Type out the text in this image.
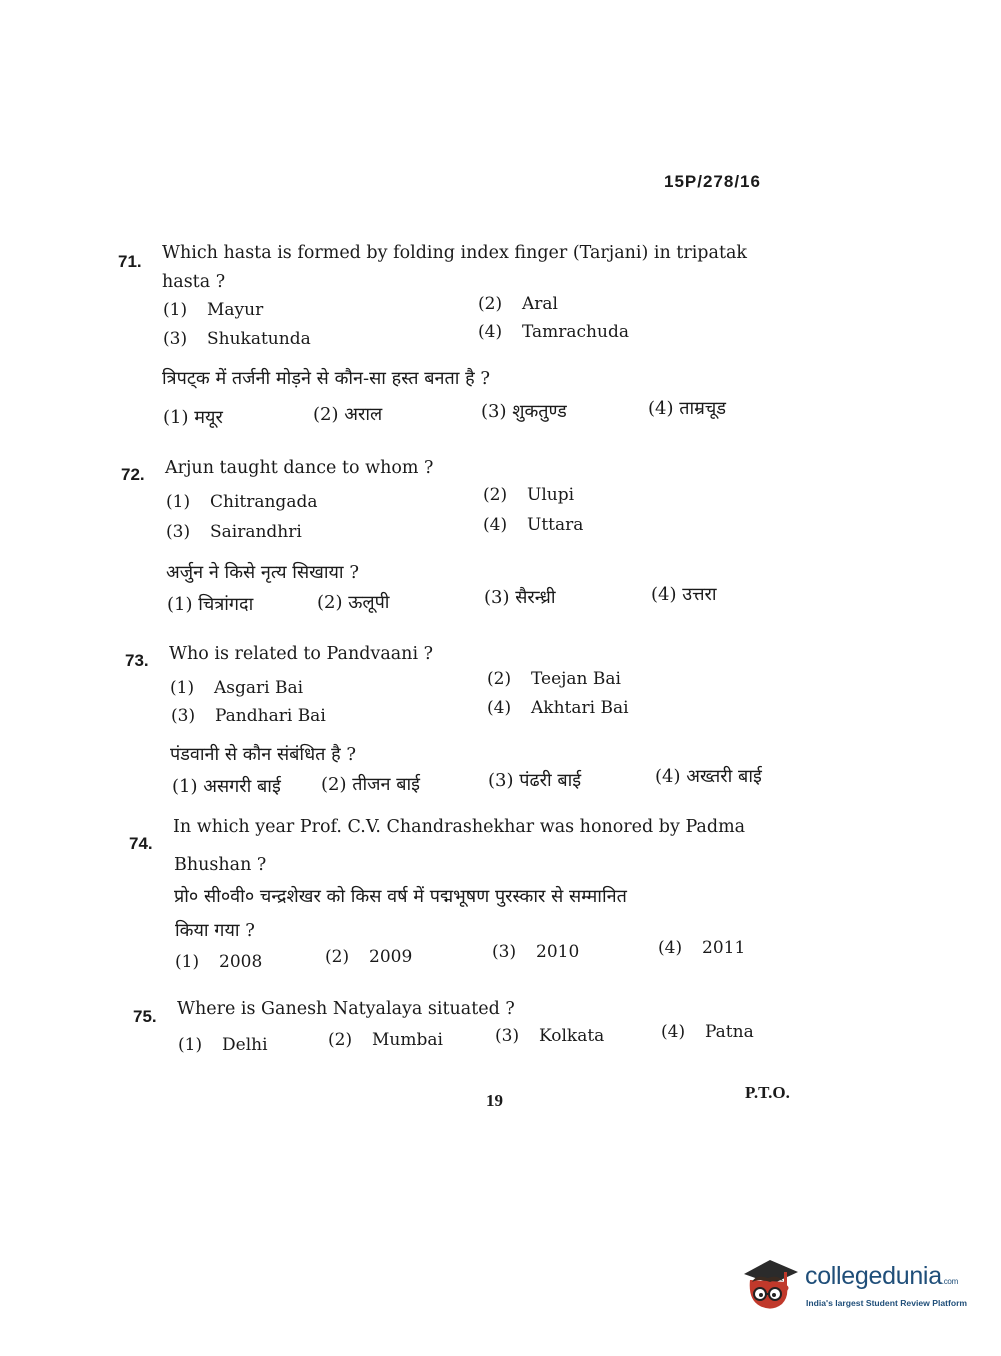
15P/278/16
71. Which hasta is formed by folding index finger (Tarjani) in tripatak
hasta ?
(1) Mayur	(2) Aral
(3) Shukatunda	(4) Tamrachuda
त्रिपट्क में तर्जनी मोड़ने से कौन-सा हस्त बनता है ?
(1) मयूर	(2) अराल	(3) शुकतुण्ड	(4) ताम्रचूड
72. Arjun taught dance to whom ?
(1) Chitrangada	(2) Ulupi
(3) Sairandhri	(4) Uttara
अर्जुन ने किसे नृत्य सिखाया ?
(1) चित्रांगदा	(2) ऊलूपी	(3) सैरन्ध्री	(4) उत्तरा
73. Who is related to Pandvaani ?
(1) Asgari Bai	(2) Teejan Bai
(3) Pandhari Bai	(4) Akhtari Bai
पंडवानी से कौन संबंधित है ?
(1) असगरी बाई (2) तीजन बाई	(3) पंढरी बाई	(4) अख्तरी बाई
74.
In which year Prof. C.V. Chandrashekhar was honored by Padma
Bhushan ?
प्रो० सी०वी० चन्द्रशेखर को किस वर्ष में पद्मभूषण पुरस्कार से सम्मानित
किया गया ?
(1) 2008	(2) 2009	(3) 2010	(4) 2011
75. Where is Ganesh Natyalaya situated ?
(1) Delhi	(2) Mumbai	(3) Kolkata	(4) Patna
19	P.T.O.
collegedunia.com
India's largest Student Review Platform
